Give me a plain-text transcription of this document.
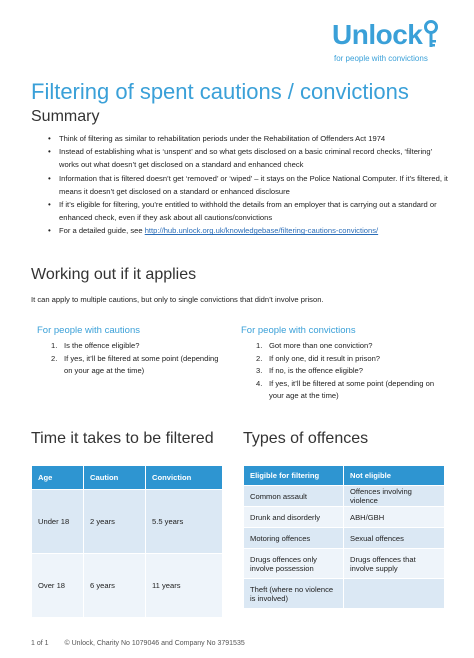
Unlock
for people with convictions
Filtering of spent cautions / convictions
Summary
• Think of filtering as similar to rehabilitation periods under the Rehabilitation of Offenders Act 1974
• Instead of establishing what is ‘unspent’ and so what gets disclosed on a basic criminal record checks, ‘filtering’ works out what doesn’t get disclosed on a standard and enhanced check
• Information that is filtered doesn’t get ‘removed’ or ‘wiped’ – it stays on the Police National Computer. If it’s filtered, it means it doesn’t get disclosed on a standard or enhanced disclosure
• If it’s eligible for filtering, you’re entitled to withhold the details from an employer that is carrying out a standard or enhanced check, even if they ask about all cautions/convictions
• For a detailed guide, see http://hub.unlock.org.uk/knowledgebase/filtering-cautions-convictions/
Working out if it applies
It can apply to multiple cautions, but only to single convictions that didn’t involve prison.
For people with cautions
1. Is the offence eligible?
2. If yes, it’ll be filtered at some point (depending on your age at the time)
For people with convictions
1. Got more than one conviction?
2. If only one, did it result in prison?
3. If no, is the offence eligible?
4. If yes, it’ll be filtered at some point (depending on your age at the time)
Time it takes to be filtered
Age	Caution	Conviction
Under 18	2 years	5.5 years
Over 18	6 years	11 years
Types of offences
Eligible for filtering	Not eligible
Common assault	Offences involving violence
Drunk and disorderly	ABH/GBH
Motoring offences	Sexual offences
Drugs offences only involve possession	Drugs offences that involve supply
Theft (where no violence is involved)	
1 of 1 © Unlock, Charity No 1079046 and Company No 3791535
